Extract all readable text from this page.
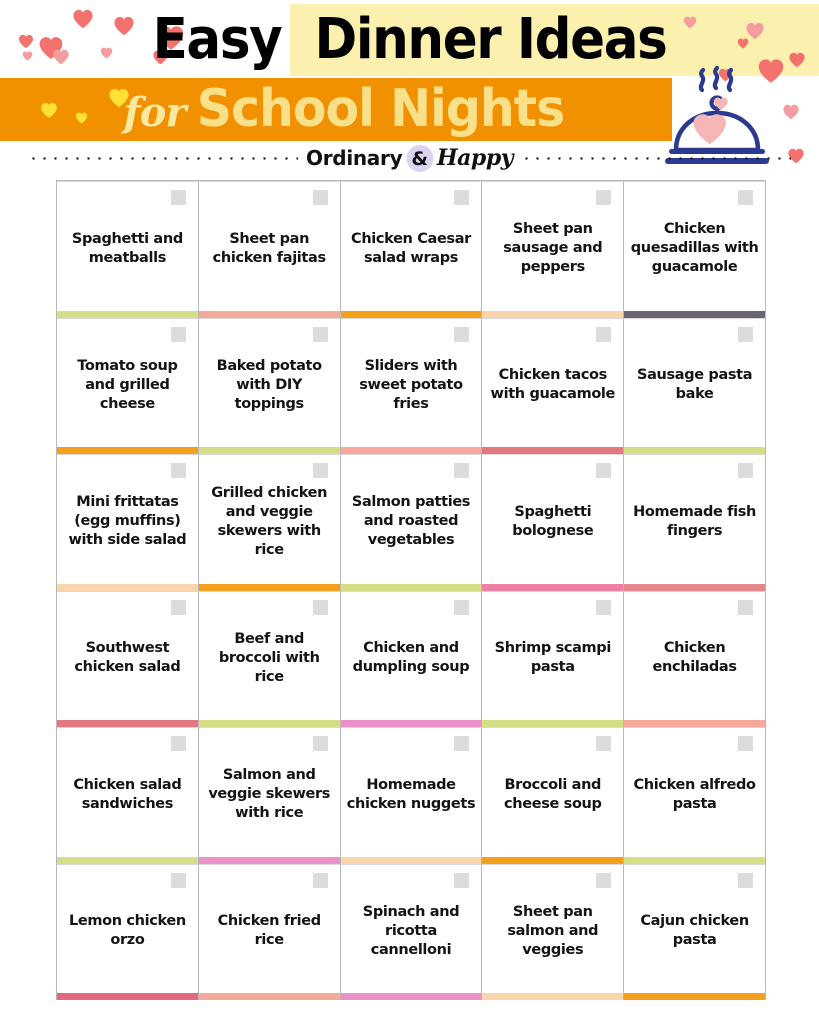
Easy Dinner Ideas
for School Nights
Ordinary & Happy
Spaghetti and meatballs
Sheet pan chicken fajitas
Chicken Caesar salad wraps
Sheet pan sausage and peppers
Chicken quesadillas with guacamole
Tomato soup and grilled cheese
Baked potato with DIY toppings
Sliders with sweet potato fries
Chicken tacos with guacamole
Sausage pasta bake
Mini frittatas (egg muffins) with side salad
Grilled chicken and veggie skewers with rice
Salmon patties and roasted vegetables
Spaghetti bolognese
Homemade fish fingers
Southwest chicken salad
Beef and broccoli with rice
Chicken and dumpling soup
Shrimp scampi pasta
Chicken enchiladas
Chicken salad sandwiches
Salmon and veggie skewers with rice
Homemade chicken nuggets
Broccoli and cheese soup
Chicken alfredo pasta
Lemon chicken orzo
Chicken fried rice
Spinach and ricotta cannelloni
Sheet pan salmon and veggies
Cajun chicken pasta
